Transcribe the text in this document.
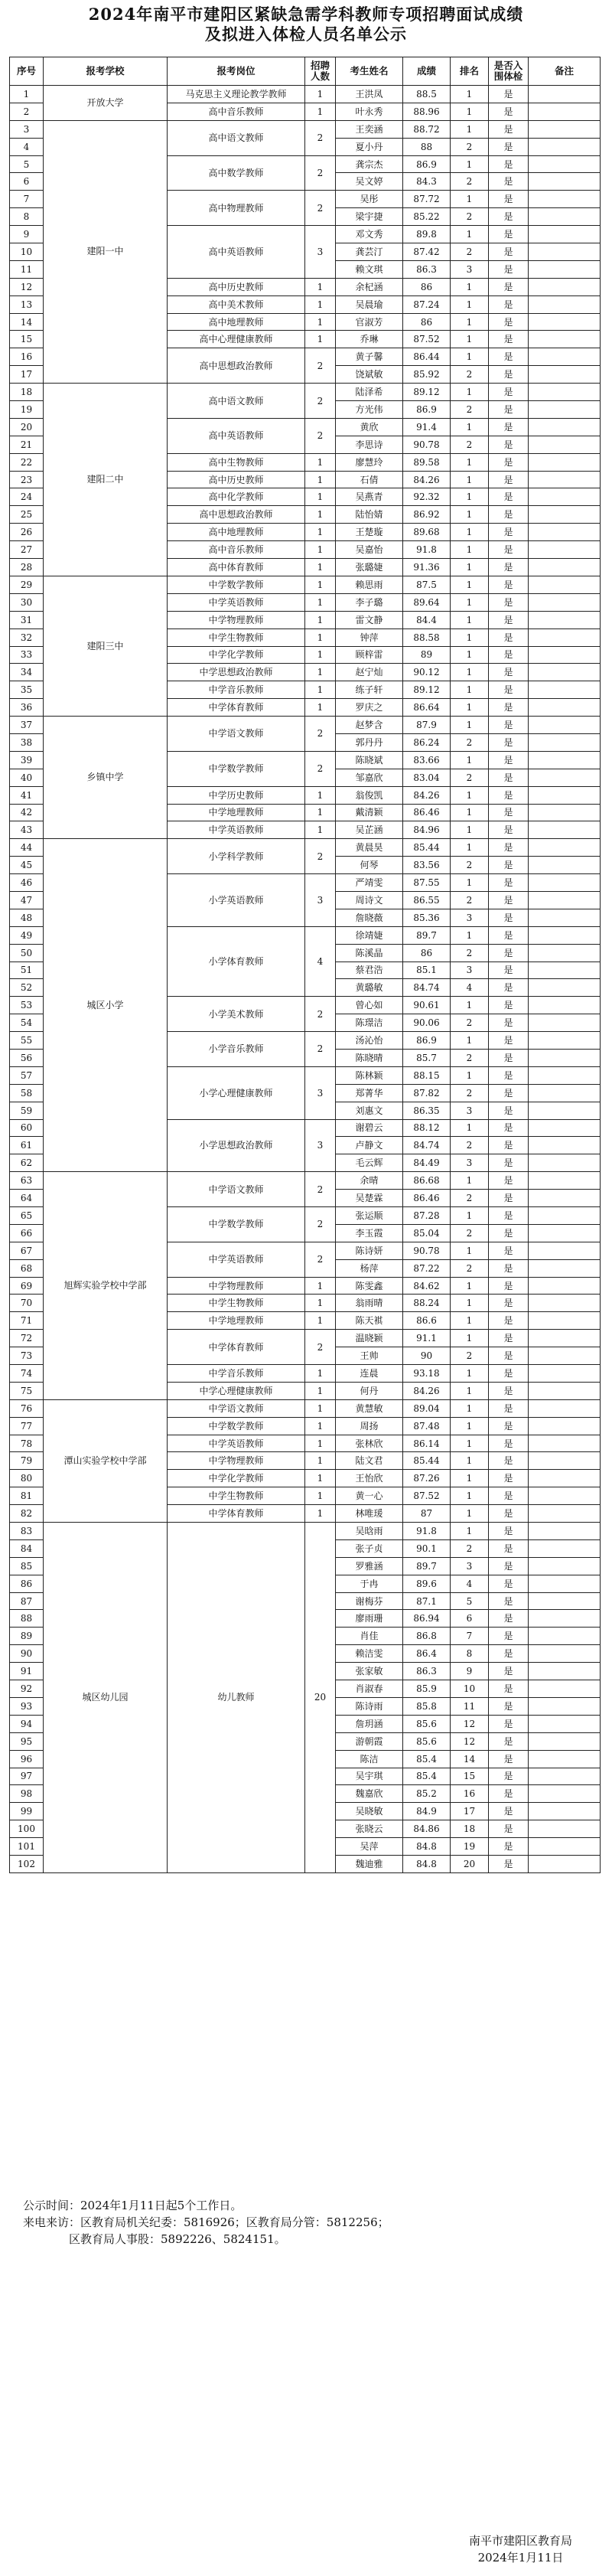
2024年南平市建阳区紧缺急需学科教师专项招聘面试成绩
及拟进入体检人员名单公示
序号	报考学校	报考岗位	招聘人数	考生姓名	成绩	排名	是否入围体检	备注
1	开放大学	马克思主义理论教学教师	1	王洪凤	88.5	1	是	
2		高中音乐教师	1	叶永秀	88.96	1	是	
3	建阳一中	高中语文教师	2	王奕涵	88.72	1	是	
4				夏小丹	88	2	是	
5		高中数学教师	2	龚宗杰	86.9	1	是	
6				吴文婷	84.3	2	是	
7		高中物理教师	2	吴彤	87.72	1	是	
8				梁宇捷	85.22	2	是	
9		高中英语教师	3	邓文秀	89.8	1	是	
10				龚芸汀	87.42	2	是	
11				赖文琪	86.3	3	是	
12		高中历史教师	1	余杞涵	86	1	是	
13		高中美术教师	1	吴晨瑜	87.24	1	是	
14		高中地理教师	1	官淑芳	86	1	是	
15		高中心理健康教师	1	乔琳	87.52	1	是	
16		高中思想政治教师	2	黄子馨	86.44	1	是	
17				饶斌敏	85.92	2	是	
18	建阳二中	高中语文教师	2	陆泽希	89.12	1	是	
19				方光伟	86.9	2	是	
20		高中英语教师	2	黄欣	91.4	1	是	
21				李思诗	90.78	2	是	
22		高中生物教师	1	廖慧玲	89.58	1	是	
23		高中历史教师	1	石倩	84.26	1	是	
24		高中化学教师	1	吴燕青	92.32	1	是	
25		高中思想政治教师	1	陆怡婧	86.92	1	是	
26		高中地理教师	1	王楚璇	89.68	1	是	
27		高中音乐教师	1	吴嘉怡	91.8	1	是	
28		高中体育教师	1	张璐婕	91.36	1	是	
29	建阳三中	中学数学教师	1	赖思雨	87.5	1	是	
30		中学英语教师	1	李子璐	89.64	1	是	
31		中学物理教师	1	雷文静	84.4	1	是	
32		中学生物教师	1	钟萍	88.58	1	是	
33		中学化学教师	1	顾梓雷	89	1	是	
34		中学思想政治教师	1	赵宁灿	90.12	1	是	
35		中学音乐教师	1	练子轩	89.12	1	是	
36		中学体育教师	1	罗庆之	86.64	1	是	
37	乡镇中学	中学语文教师	2	赵梦含	87.9	1	是	
38				郭丹丹	86.24	2	是	
39		中学数学教师	2	陈晓斌	83.66	1	是	
40				邹嘉欣	83.04	2	是	
41		中学历史教师	1	翁俊凯	84.26	1	是	
42		中学地理教师	1	戴清颖	86.46	1	是	
43		中学英语教师	1	吴芷涵	84.96	1	是	
44	城区小学	小学科学教师	2	黄晨昊	85.44	1	是	
45				何琴	83.56	2	是	
46		小学英语教师	3	严靖雯	87.55	1	是	
47				周诗文	86.55	2	是	
48				詹晓薇	85.36	3	是	
49		小学体育教师	4	徐靖婕	89.7	1	是	
50				陈溪晶	86	2	是	
51				蔡君浩	85.1	3	是	
52				黄璐敏	84.74	4	是	
53		小学美术教师	2	曾心如	90.61	1	是	
54				陈璟洁	90.06	2	是	
55		小学音乐教师	2	汤沁怡	86.9	1	是	
56				陈晓晴	85.7	2	是	
57		小学心理健康教师	3	陈林颖	88.15	1	是	
58				郑菁华	87.82	2	是	
59				刘惠文	86.35	3	是	
60		小学思想政治教师	3	谢碧云	88.12	1	是	
61				卢静文	84.74	2	是	
62				毛云辉	84.49	3	是	
63	旭辉实验学校中学部	中学语文教师	2	余晴	86.68	1	是	
64				吴楚霖	86.46	2	是	
65		中学数学教师	2	张运顺	87.28	1	是	
66				李玉霞	85.04	2	是	
67		中学英语教师	2	陈诗妍	90.78	1	是	
68				杨萍	87.22	2	是	
69		中学物理教师	1	陈雯鑫	84.62	1	是	
70		中学生物教师	1	翁雨晴	88.24	1	是	
71		中学地理教师	1	陈天褀	86.6	1	是	
72		中学体育教师	2	温晓颖	91.1	1	是	
73				王帅	90	2	是	
74		中学音乐教师	1	连晨	93.18	1	是	
75		中学心理健康教师	1	何丹	84.26	1	是	
76	潭山实验学校中学部	中学语文教师	1	黄慧敏	89.04	1	是	
77		中学数学教师	1	周扬	87.48	1	是	
78		中学英语教师	1	张林欣	86.14	1	是	
79		中学物理教师	1	陆文君	85.44	1	是	
80		中学化学教师	1	王怡欣	87.26	1	是	
81		中学生物教师	1	黄一心	87.52	1	是	
82		中学体育教师	1	林唯瑗	87	1	是	
83	城区幼儿园	幼儿教师	20	吴晗雨	91.8	1	是	
84				张子贞	90.1	2	是	
85				罗雅涵	89.7	3	是	
86				于冉	89.6	4	是	
87				谢梅芬	87.1	5	是	
88				廖雨珊	86.94	6	是	
89				肖佳	86.8	7	是	
90				赖洁雯	86.4	8	是	
91				张家敏	86.3	9	是	
92				肖淑春	85.9	10	是	
93				陈诗雨	85.8	11	是	
94				詹玥涵	85.6	12	是	
95				游朝霞	85.6	12	是	
96				陈洁	85.4	14	是	
97				吴宇琪	85.4	15	是	
98				魏嘉欣	85.2	16	是	
99				吴晓敏	84.9	17	是	
100				张晓云	84.86	18	是	
101				吴萍	84.8	19	是	
102				魏迪雅	84.8	20	是	

公示时间：2024年1月11日起5个工作日。

来电来访：区教育局机关纪委：5816926；区教育局分管：5812256；

区教育局人事股：5892226、5824151。

南平市建阳区教育局
2024年1月11日
